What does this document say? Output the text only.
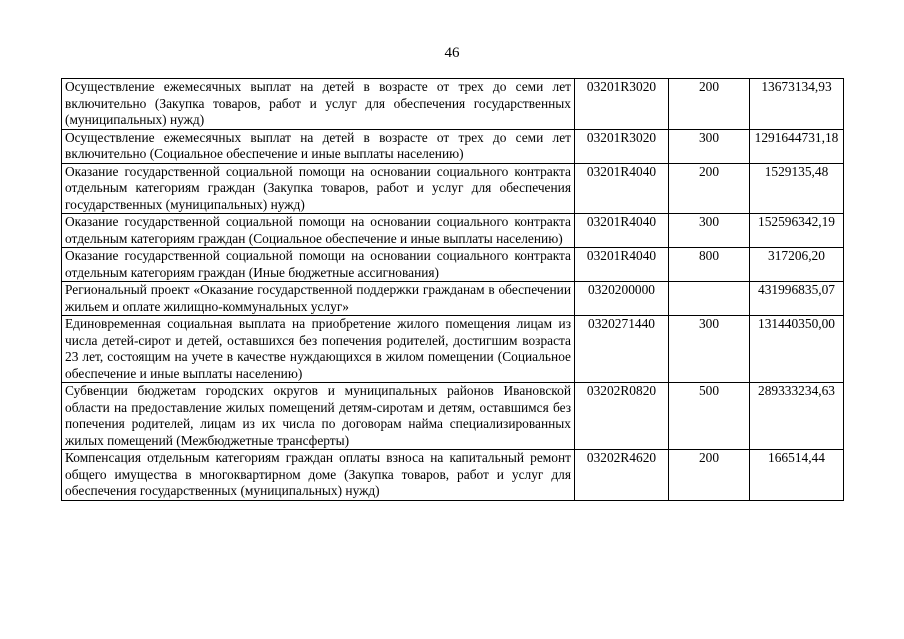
46
Осуществление ежемесячных выплат на детей в возрасте от трех до семи лет включительно (Закупка товаров, работ и услуг для обеспечения государственных (муниципальных) нужд)	03201R3020	200	13673134,93
Осуществление ежемесячных выплат на детей в возрасте от трех до семи лет включительно (Социальное обеспечение и иные выплаты населению)	03201R3020	300	1291644731,18
Оказание государственной социальной помощи на основании социального контракта отдельным категориям граждан (Закупка товаров, работ и услуг для обеспечения государственных (муниципальных) нужд)	03201R4040	200	1529135,48
Оказание государственной социальной помощи на основании социального контракта отдельным категориям граждан (Социальное обеспечение и иные выплаты населению)	03201R4040	300	152596342,19
Оказание государственной социальной помощи на основании социального контракта отдельным категориям граждан (Иные бюджетные ассигнования)	03201R4040	800	317206,20
Региональный проект «Оказание государственной поддержки гражданам в обеспечении жильем и оплате жилищно-коммунальных услуг»	0320200000		431996835,07
Единовременная социальная выплата на приобретение жилого помещения лицам из числа детей-сирот и детей, оставшихся без попечения родителей, достигшим возраста 23 лет, состоящим на учете в качестве нуждающихся в жилом помещении (Социальное обеспечение и иные выплаты населению)	0320271440	300	131440350,00
Субвенции бюджетам городских округов и муниципальных районов Ивановской области на предоставление жилых помещений детям-сиротам и детям, оставшимся без попечения родителей, лицам из их числа по договорам найма специализированных жилых помещений (Межбюджетные трансферты)	03202R0820	500	289333234,63
Компенсация отдельным категориям граждан оплаты взноса на капитальный ремонт общего имущества в многоквартирном доме (Закупка товаров, работ и услуг для обеспечения государственных (муниципальных) нужд)	03202R4620	200	166514,44
